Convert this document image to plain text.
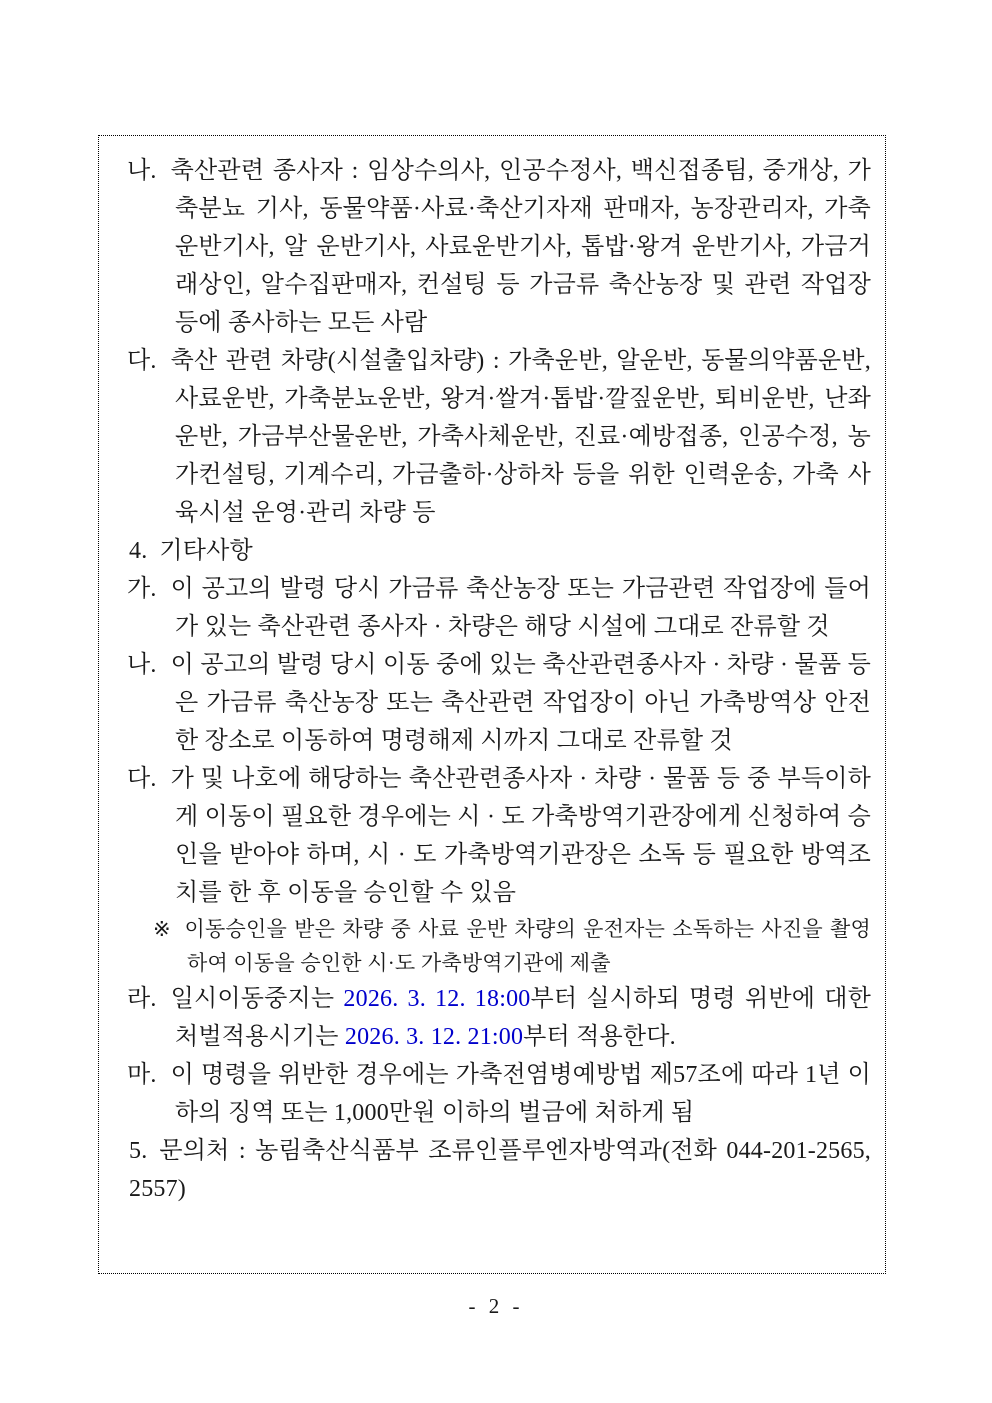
나. 축산관련 종사자 : 임상수의사, 인공수정사, 백신접종팀, 중개상, 가축분뇨 기사, 동물약품·사료·축산기자재 판매자, 농장관리자, 가축운반기사, 알 운반기사, 사료운반기사, 톱밥·왕겨 운반기사, 가금거래상인, 알수집판매자, 컨설팅 등 가금류 축산농장 및 관련 작업장 등에 종사하는 모든 사람

다. 축산 관련 차량(시설출입차량) : 가축운반, 알운반, 동물의약품운반, 사료운반, 가축분뇨운반, 왕겨·쌀겨·톱밥·깔짚운반, 퇴비운반, 난좌운반, 가금부산물운반, 가축사체운반, 진료·예방접종, 인공수정, 농가컨설팅, 기계수리, 가금출하·상하차 등을 위한 인력운송, 가축 사육시설 운영·관리 차량 등

4. 기타사항

가. 이 공고의 발령 당시 가금류 축산농장 또는 가금관련 작업장에 들어가 있는 축산관련 종사자 · 차량은 해당 시설에 그대로 잔류할 것

나. 이 공고의 발령 당시 이동 중에 있는 축산관련종사자 · 차량 · 물품 등은 가금류 축산농장 또는 축산관련 작업장이 아닌 가축방역상 안전한 장소로 이동하여 명령해제 시까지 그대로 잔류할 것

다. 가 및 나호에 해당하는 축산관련종사자 · 차량 · 물품 등 중 부득이하게 이동이 필요한 경우에는 시 · 도 가축방역기관장에게 신청하여 승인을 받아야 하며, 시 · 도 가축방역기관장은 소독 등 필요한 방역조치를 한 후 이동을 승인할 수 있음

※ 이동승인을 받은 차량 중 사료 운반 차량의 운전자는 소독하는 사진을 촬영하여 이동을 승인한 시·도 가축방역기관에 제출

라. 일시이동중지는 2026. 3. 12. 18:00부터 실시하되 명령 위반에 대한 처벌적용시기는 2026. 3. 12. 21:00부터 적용한다.

마. 이 명령을 위반한 경우에는 가축전염병예방법 제57조에 따라 1년 이하의 징역 또는 1,000만원 이하의 벌금에 처하게 됨

5. 문의처 : 농림축산식품부 조류인플루엔자방역과(전화 044-201-2565, 2557)

- 2 -
